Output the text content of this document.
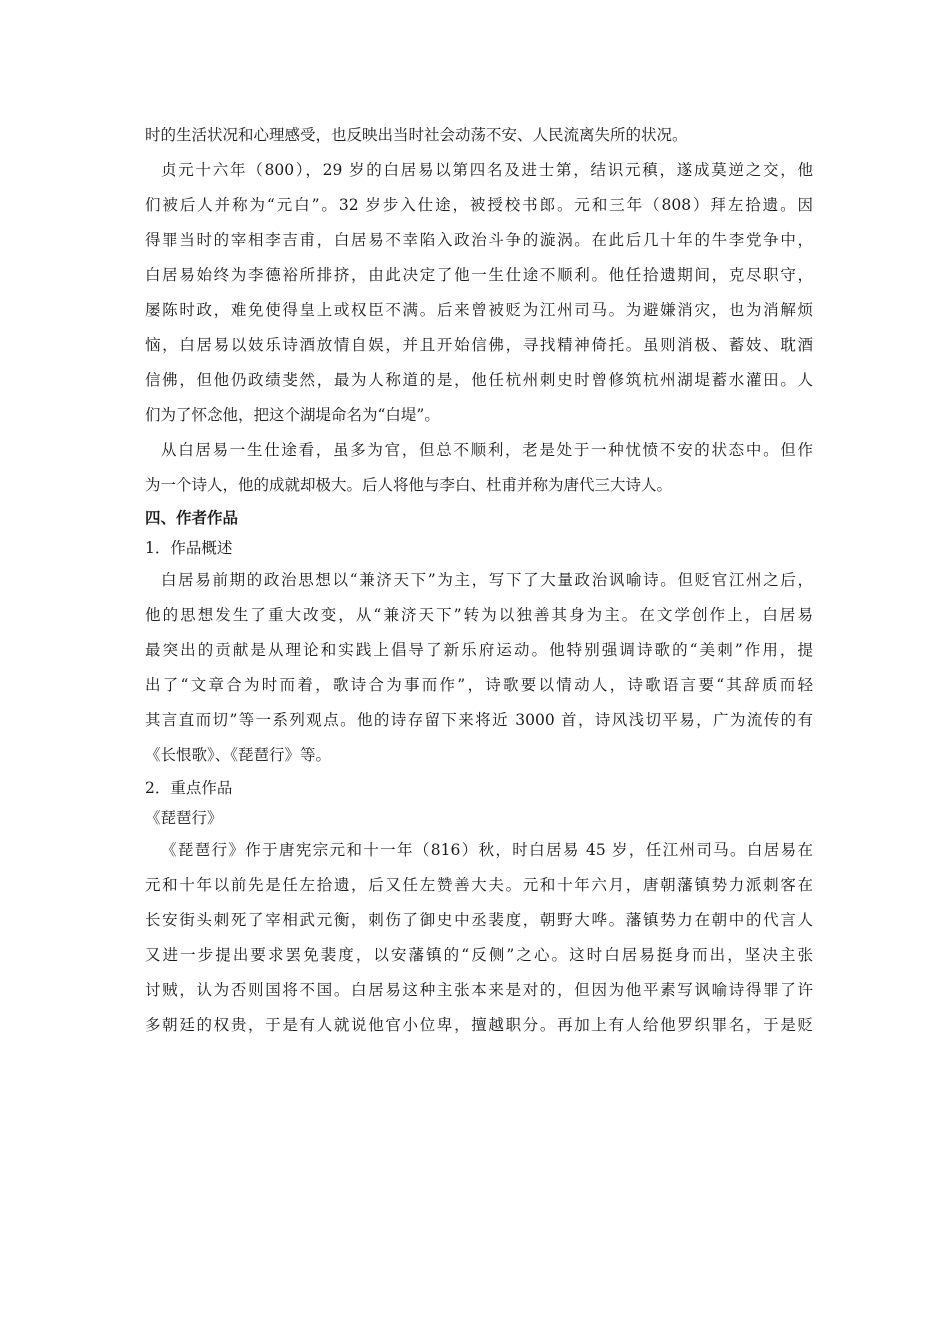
时的生活状况和心理感受，也反映出当时社会动荡不安、人民流离失所的状况。
贞元十六年（800），29 岁的白居易以第四名及进士第，结识元稹，遂成莫逆之交，他
们被后人并称为“元白”。32 岁步入仕途，被授校书郎。元和三年（808）拜左拾遗。因
得罪当时的宰相李吉甫，白居易不幸陷入政治斗争的漩涡。在此后几十年的牛李党争中，
白居易始终为李德裕所排挤，由此决定了他一生仕途不顺利。他任拾遗期间，克尽职守，
屡陈时政，难免使得皇上或权臣不满。后来曾被贬为江州司马。为避嫌消灾，也为消解烦
恼，白居易以妓乐诗酒放情自娱，并且开始信佛，寻找精神倚托。虽则消极、蓄妓、耽酒
信佛，但他仍政绩斐然，最为人称道的是，他任杭州刺史时曾修筑杭州湖堤蓄水灌田。人
们为了怀念他，把这个湖堤命名为“白堤”。
从白居易一生仕途看，虽多为官，但总不顺利，老是处于一种忧愤不安的状态中。但作
为一个诗人，他的成就却极大。后人将他与李白、杜甫并称为唐代三大诗人。
四、作者作品
1．作品概述
白居易前期的政治思想以“兼济天下”为主，写下了大量政治讽喻诗。但贬官江州之后，
他的思想发生了重大改变，从“兼济天下”转为以独善其身为主。在文学创作上，白居易
最突出的贡献是从理论和实践上倡导了新乐府运动。他特别强调诗歌的“美刺”作用，提
出了“文章合为时而着，歌诗合为事而作”，诗歌要以情动人，诗歌语言要“其辞质而轻
其言直而切”等一系列观点。他的诗存留下来将近 3000 首，诗风浅切平易，广为流传的有
《长恨歌》、《琵琶行》等。
2．重点作品
《琵琶行》
《琵琶行》作于唐宪宗元和十一年（816）秋，时白居易 45 岁，任江州司马。白居易在
元和十年以前先是任左拾遗，后又任左赞善大夫。元和十年六月，唐朝藩镇势力派刺客在
长安街头刺死了宰相武元衡，刺伤了御史中丞裴度，朝野大哗。藩镇势力在朝中的代言人
又进一步提出要求罢免裴度，以安藩镇的“反侧”之心。这时白居易挺身而出，坚决主张
讨贼，认为否则国将不国。白居易这种主张本来是对的，但因为他平素写讽喻诗得罪了许
多朝廷的权贵，于是有人就说他官小位卑，擅越职分。再加上有人给他罗织罪名，于是贬
